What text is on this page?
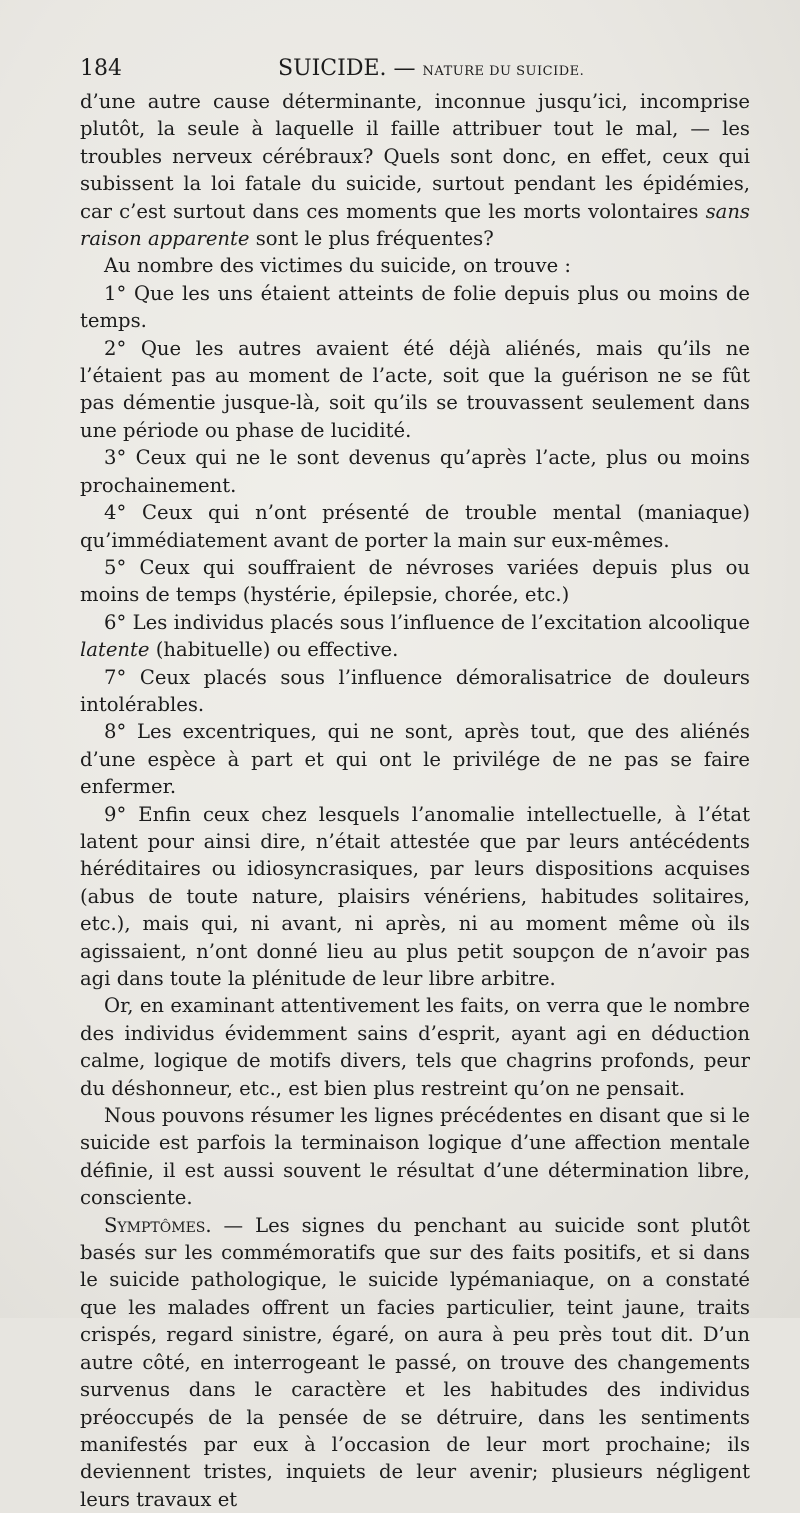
184	SUICIDE. — NATURE DU SUICIDE.

d’une autre cause déterminante, inconnue jusqu’ici, incomprise plutôt, la seule à laquelle il faille attribuer tout le mal, — les troubles nerveux cérébraux? Quels sont donc, en effet, ceux qui subissent la loi fatale du suicide, surtout pendant les épidémies, car c’est surtout dans ces moments que les morts volontaires sans raison apparente sont le plus fréquentes?

Au nombre des victimes du suicide, on trouve :

1° Que les uns étaient atteints de folie depuis plus ou moins de temps.

2° Que les autres avaient été déjà aliénés, mais qu’ils ne l’étaient pas au moment de l’acte, soit que la guérison ne se fût pas démentie jusque-là, soit qu’ils se trouvassent seulement dans une période ou phase de lucidité.

3° Ceux qui ne le sont devenus qu’après l’acte, plus ou moins prochainement.

4° Ceux qui n’ont présenté de trouble mental (maniaque) qu’immédiatement avant de porter la main sur eux-mêmes.

5° Ceux qui souffraient de névroses variées depuis plus ou moins de temps (hystérie, épilepsie, chorée, etc.)

6° Les individus placés sous l’influence de l’excitation alcoolique latente (habituelle) ou effective.

7° Ceux placés sous l’influence démoralisatrice de douleurs intolérables.

8° Les excentriques, qui ne sont, après tout, que des aliénés d’une espèce à part et qui ont le privilége de ne pas se faire enfermer.

9° Enfin ceux chez lesquels l’anomalie intellectuelle, à l’état latent pour ainsi dire, n’était attestée que par leurs antécédents héréditaires ou idiosyncrasiques, par leurs dispositions acquises (abus de toute nature, plaisirs vénériens, habitudes solitaires, etc.), mais qui, ni avant, ni après, ni au moment même où ils agissaient, n’ont donné lieu au plus petit soupçon de n’avoir pas agi dans toute la plénitude de leur libre arbitre.

Or, en examinant attentivement les faits, on verra que le nombre des individus évidemment sains d’esprit, ayant agi en déduction calme, logique de motifs divers, tels que chagrins profonds, peur du déshonneur, etc., est bien plus restreint qu’on ne pensait.

Nous pouvons résumer les lignes précédentes en disant que si le suicide est parfois la terminaison logique d’une affection mentale définie, il est aussi souvent le résultat d’une détermination libre, consciente.

Symptômes. — Les signes du penchant au suicide sont plutôt basés sur les commémoratifs que sur des faits positifs, et si dans le suicide pathologique, le suicide lypémaniaque, on a constaté que les malades offrent un facies particulier, teint jaune, traits crispés, regard sinistre, égaré, on aura à peu près tout dit. D’un autre côté, en interrogeant le passé, on trouve des changements survenus dans le caractère et les habitudes des individus préoccupés de la pensée de se détruire, dans les sentiments manifestés par eux à l’occasion de leur mort prochaine; ils deviennent tristes, inquiets de leur avenir; plusieurs négligent leurs travaux et
